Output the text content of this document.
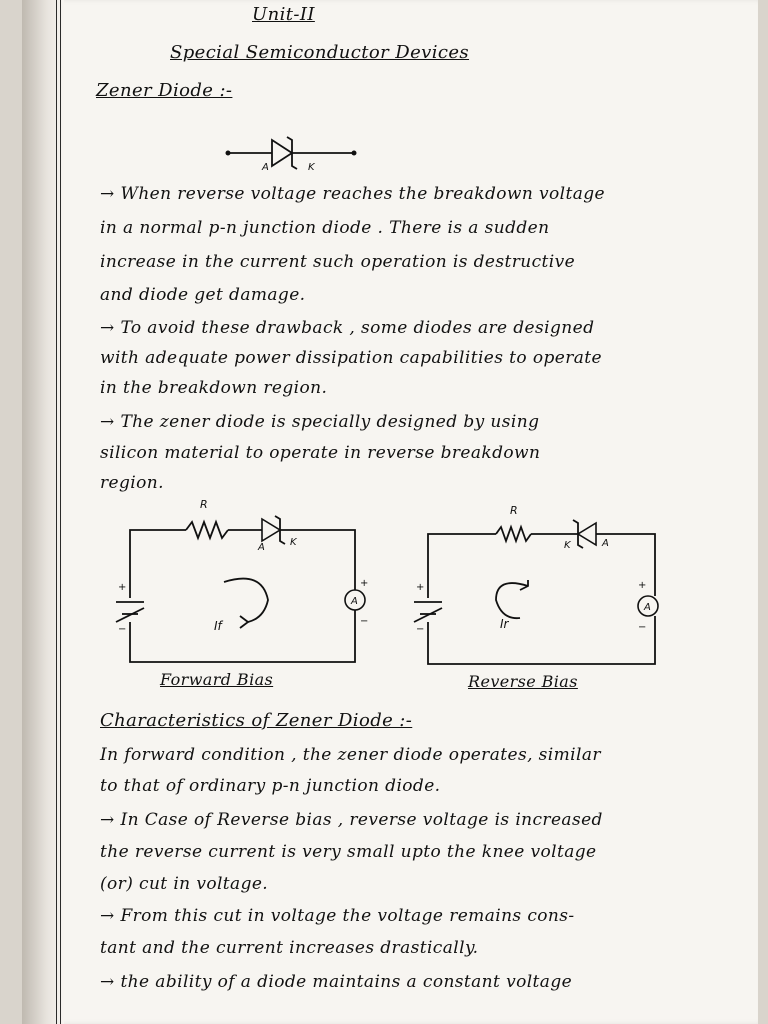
Unit-II
Special Semiconductor Devices
Zener Diode :-
A	K
→ When reverse voltage reaches the breakdown voltage
in a normal p-n junction diode . There is a sudden
increase in the current such operation is destructive
and diode get damage.
→ To avoid these drawback , some diodes are designed
with adequate power dissipation capabilities to operate
in the breakdown region.
→ The zener diode is specially designed by using
silicon material to operate in reverse breakdown
region.
A
R
A	K
+
−
+
−
If
Forward Bias
A
R
K	A
+
−
+
−
Ir
Reverse Bias
Characteristics of Zener Diode :-
In forward condition , the zener diode operates, similar
to that of ordinary p-n junction diode.
→ In Case of Reverse bias , reverse voltage is increased
the reverse current is very small upto the knee voltage
(or) cut in voltage.
→ From this cut in voltage the voltage remains cons-
tant and the current increases drastically.
→ the ability of a diode maintains a constant voltage
